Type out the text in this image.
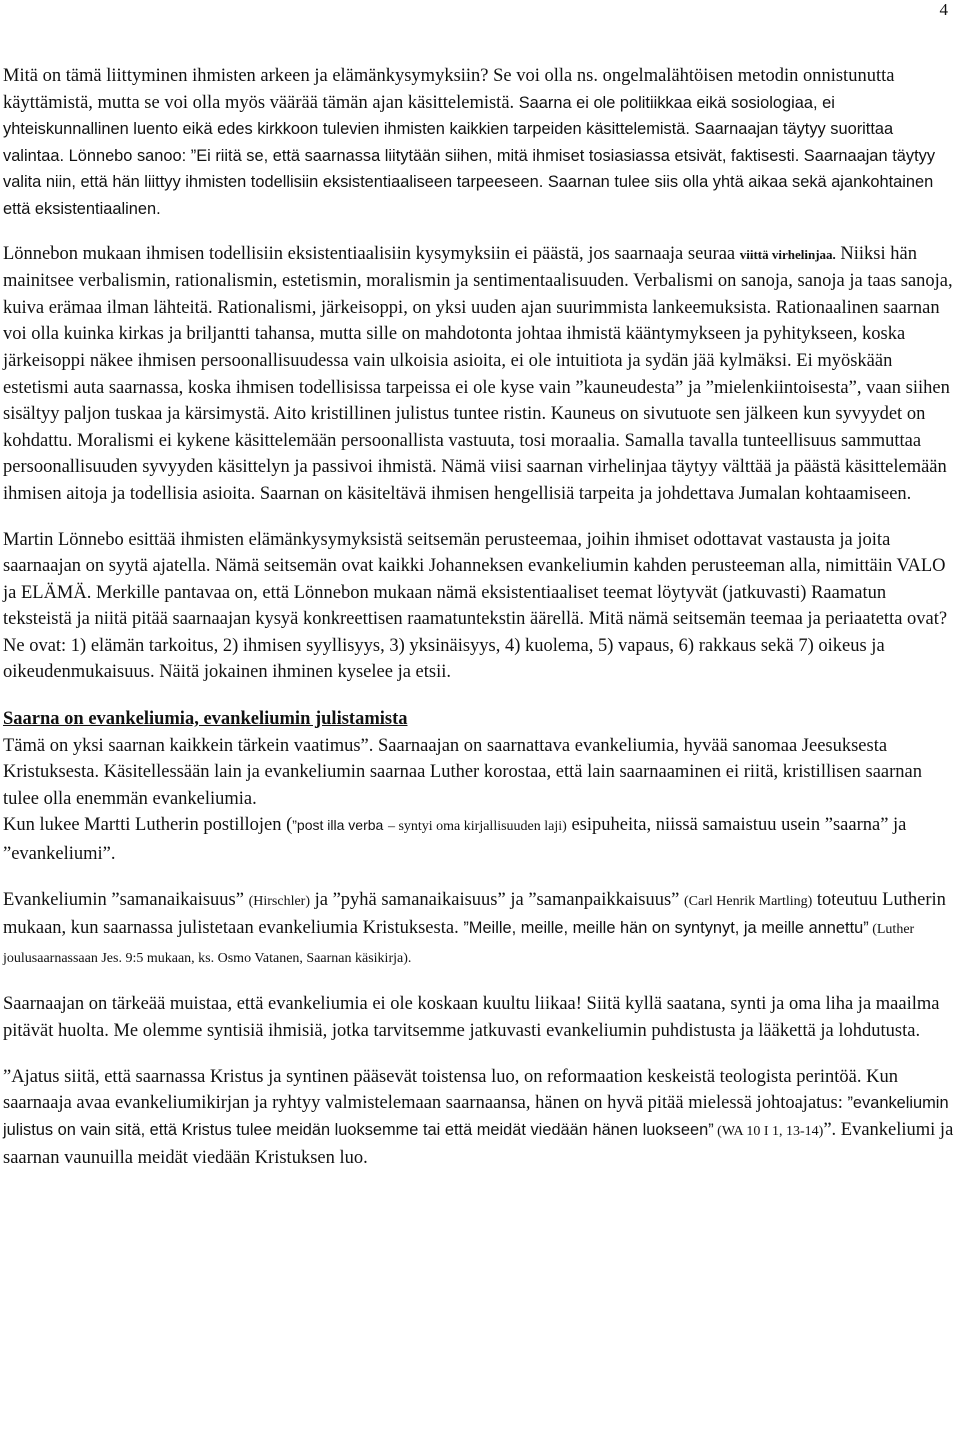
4

Mitä on tämä liittyminen ihmisten arkeen ja elämänkysymyksiin? Se voi olla ns. ongelmalähtöisen metodin onnistunutta käyttämistä, mutta se voi olla myös väärää tämän ajan käsittelemistä. Saarna ei ole politiikkaa eikä sosiologiaa, ei yhteiskunnallinen luento eikä edes kirkkoon tulevien ihmisten kaikkien tarpeiden käsittelemistä. Saarnaajan täytyy suorittaa valintaa. Lönnebo sanoo: ”Ei riitä se, että saarnassa liitytään siihen, mitä ihmiset tosiasiassa etsivät, faktisesti. Saarnaajan täytyy valita niin, että hän liittyy ihmisten todellisiin eksistentiaaliseen tarpeeseen. Saarnan tulee siis olla yhtä aikaa sekä ajankohtainen että eksistentiaalinen.

Lönnebon mukaan ihmisen todellisiin eksistentiaalisiin kysymyksiin ei päästä, jos saarnaaja seuraa viittä virhelinjaa. Niiksi hän mainitsee verbalismin, rationalismin, estetismin, moralismin ja sentimentaalisuuden. Verbalismi on sanoja, sanoja ja taas sanoja, kuiva erämaa ilman lähteitä. Rationalismi, järkeisoppi, on yksi uuden ajan suurimmista lankeemuksista. Rationaalinen saarnan voi olla kuinka kirkas ja briljantti tahansa, mutta sille on mahdotonta johtaa ihmistä kääntymykseen ja pyhitykseen, koska järkeisoppi näkee ihmisen persoonallisuudessa vain ulkoisia asioita, ei ole intuitiota ja sydän jää kylmäksi. Ei myöskään estetismi auta saarnassa, koska ihmisen todellisissa tarpeissa ei ole kyse vain ”kauneudesta” ja ”mielenkiintoisesta”, vaan siihen sisältyy paljon tuskaa ja kärsimystä. Aito kristillinen julistus tuntee ristin. Kauneus on sivutuote sen jälkeen kun syvyydet on kohdattu. Moralismi ei kykene käsittelemään persoonallista vastuuta, tosi moraalia. Samalla tavalla tunteellisuus sammuttaa persoonallisuuden syvyyden käsittelyn ja passivoi ihmistä. Nämä viisi saarnan virhelinjaa täytyy välttää ja päästä käsittelemään ihmisen aitoja ja todellisia asioita. Saarnan on käsiteltävä ihmisen hengellisiä tarpeita ja johdettava Jumalan kohtaamiseen.

Martin Lönnebo esittää ihmisten elämänkysymyksistä seitsemän perusteemaa, joihin ihmiset odottavat vastausta ja joita saarnaajan on syytä ajatella. Nämä seitsemän ovat kaikki Johanneksen evankeliumin kahden perusteeman alla, nimittäin VALO ja ELÄMÄ. Merkille pantavaa on, että Lönnebon mukaan nämä eksistentiaaliset teemat löytyvät (jatkuvasti) Raamatun teksteistä ja niitä pitää saarnaajan kysyä konkreettisen raamatuntekstin äärellä. Mitä nämä seitsemän teemaa ja periaatetta ovat? Ne ovat: 1) elämän tarkoitus, 2) ihmisen syyllisyys, 3) yksinäisyys, 4) kuolema, 5) vapaus, 6) rakkaus sekä 7) oikeus ja oikeudenmukaisuus. Näitä jokainen ihminen kyselee ja etsii.

Saarna on evankeliumia, evankeliumin julistamista

Tämä on yksi saarnan kaikkein tärkein vaatimus”. Saarnaajan on saarnattava evankeliumia, hyvää sanomaa Jeesuksesta Kristuksesta. Käsitellessään lain ja evankeliumin saarnaa Luther korostaa, että lain saarnaaminen ei riitä, kristillisen saarnan tulee olla enemmän evankeliumia.
Kun lukee Martti Lutherin postillojen (”post illa verba – syntyi oma kirjallisuuden laji) esipuheita, niissä samaistuu usein ”saarna” ja ”evankeliumi”.

Evankeliumin ”samanaikaisuus” (Hirschler) ja ”pyhä samanaikaisuus” ja ”samanpaikkaisuus” (Carl Henrik Martling) toteutuu Lutherin mukaan, kun saarnassa julistetaan evankeliumia Kristuksesta. ”Meille, meille, meille hän on syntynyt, ja meille annettu” (Luther joulusaarnassaan Jes. 9:5 mukaan, ks. Osmo Vatanen, Saarnan käsikirja).

Saarnaajan on tärkeää muistaa, että evankeliumia ei ole koskaan kuultu liikaa! Siitä kyllä saatana, synti ja oma liha ja maailma pitävät huolta. Me olemme syntisiä ihmisiä, jotka tarvitsemme jatkuvasti evankeliumin puhdistusta ja lääkettä ja lohdutusta.

”Ajatus siitä, että saarnassa Kristus ja syntinen pääsevät toistensa luo, on reformaation keskeistä teologista perintöä. Kun saarnaaja avaa evankeliumikirjan ja ryhtyy valmistelemaan saarnaansa, hänen on hyvä pitää mielessä johtoajatus: ”evankeliumin julistus on vain sitä, että Kristus tulee meidän luoksemme tai että meidät viedään hänen luokseen” (WA 10 I 1, 13-14)”. Evankeliumi ja saarnan vaunuilla meidät viedään Kristuksen luo.
